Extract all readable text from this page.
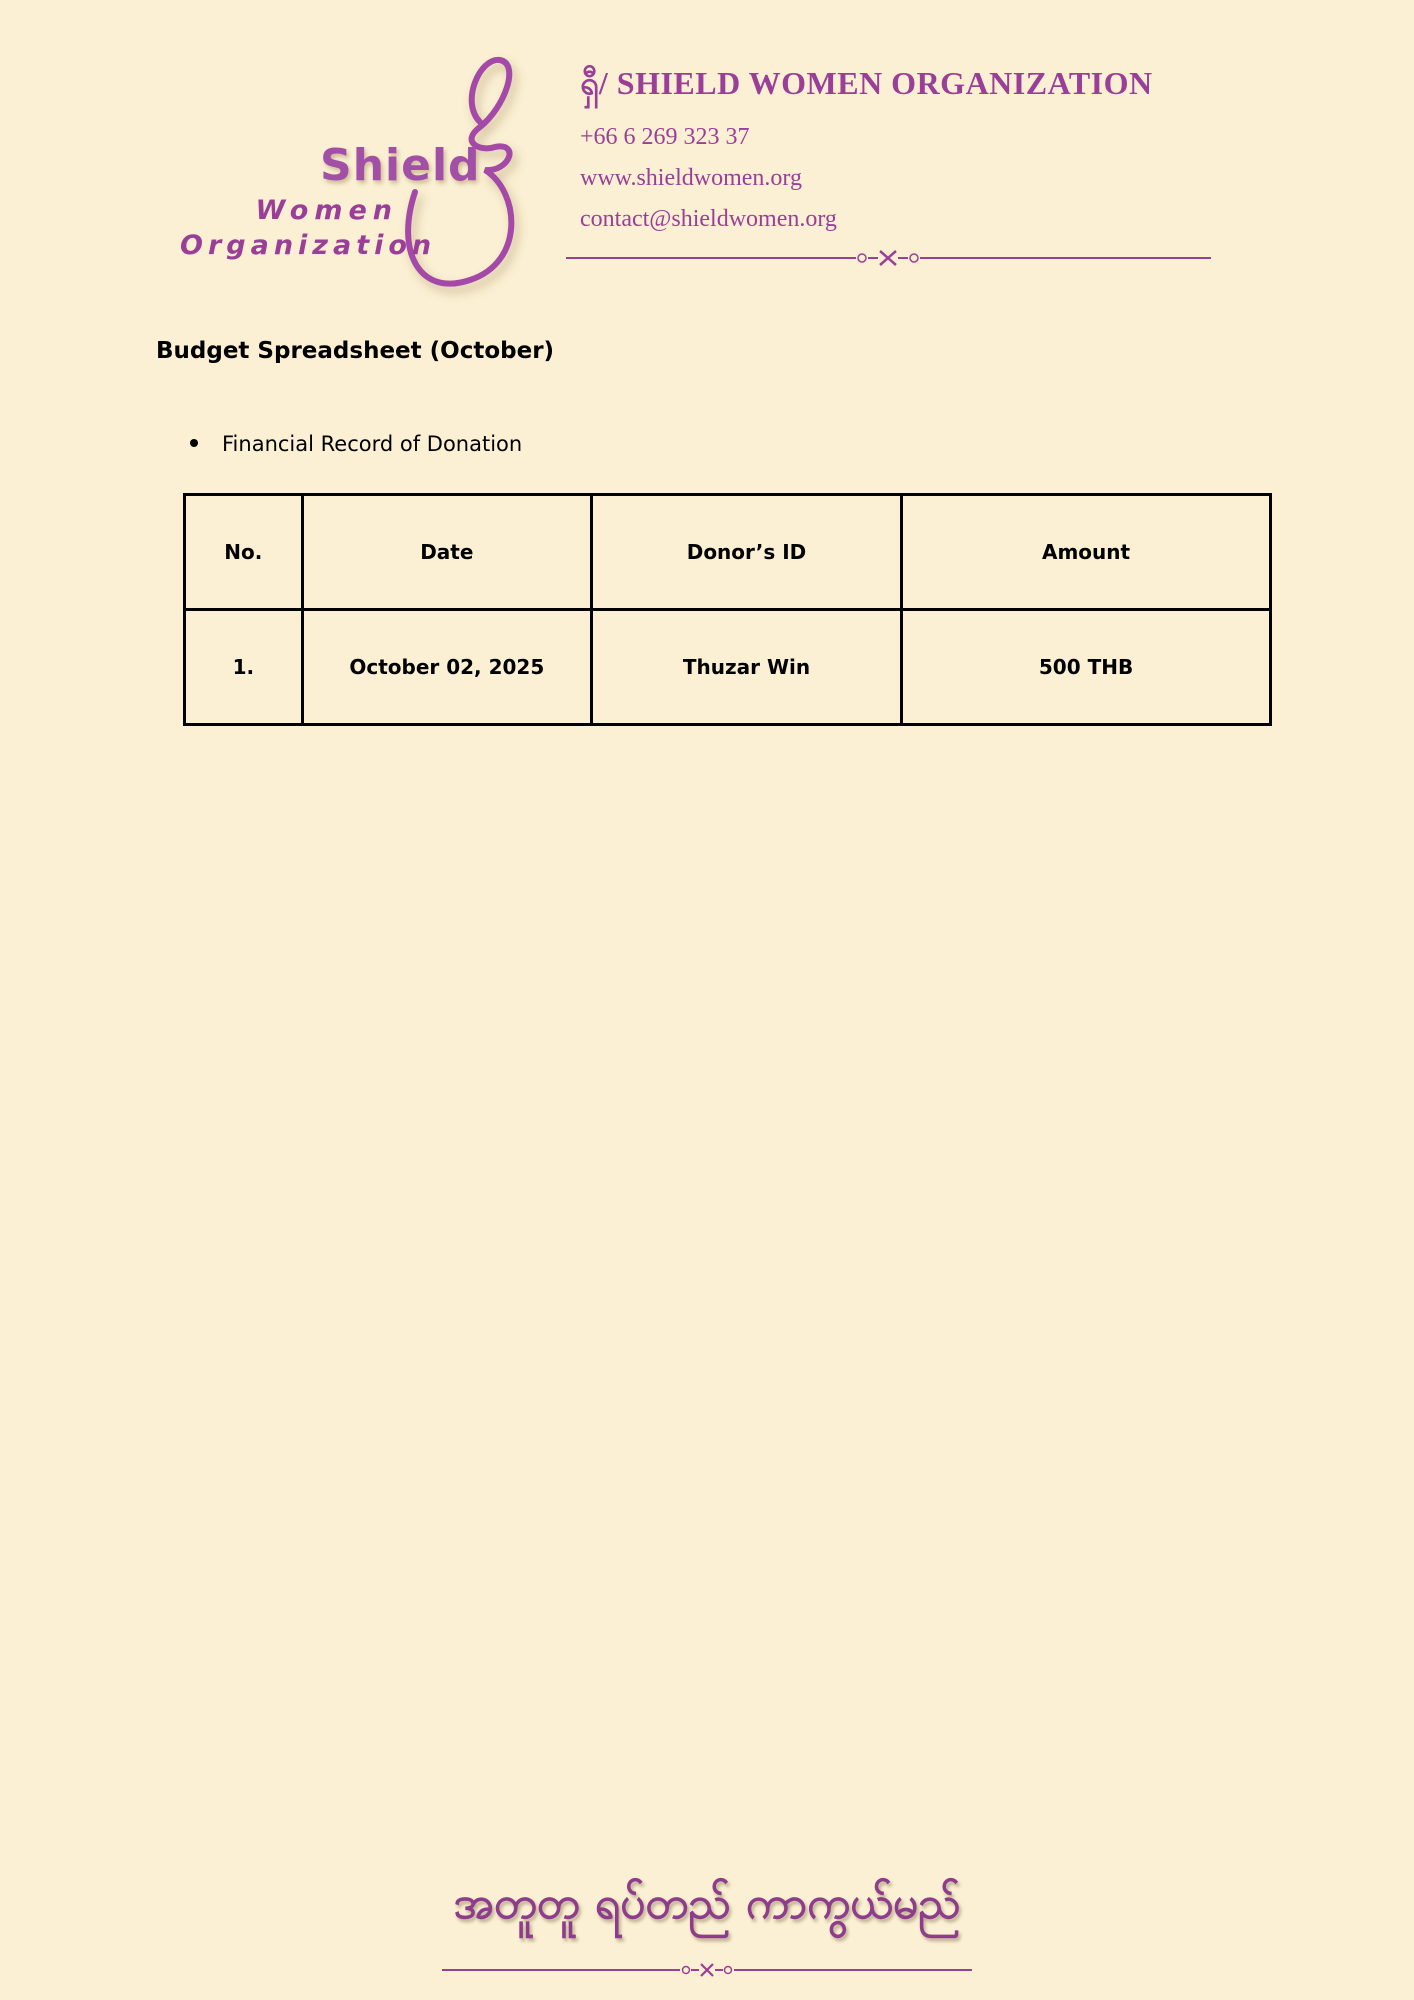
Shield
Women
Organization
ရှီ/ SHIELD WOMEN ORGANIZATION
+66 6 269 323 37
www.shieldwomen.org
contact@shieldwomen.org
Budget Spreadsheet (October)
Financial Record of Donation
No.	Date	Donor’s ID	Amount
1.	October 02, 2025	Thuzar Win	500 THB
အတူတူ ရပ်တည် ကာကွယ်မည်
